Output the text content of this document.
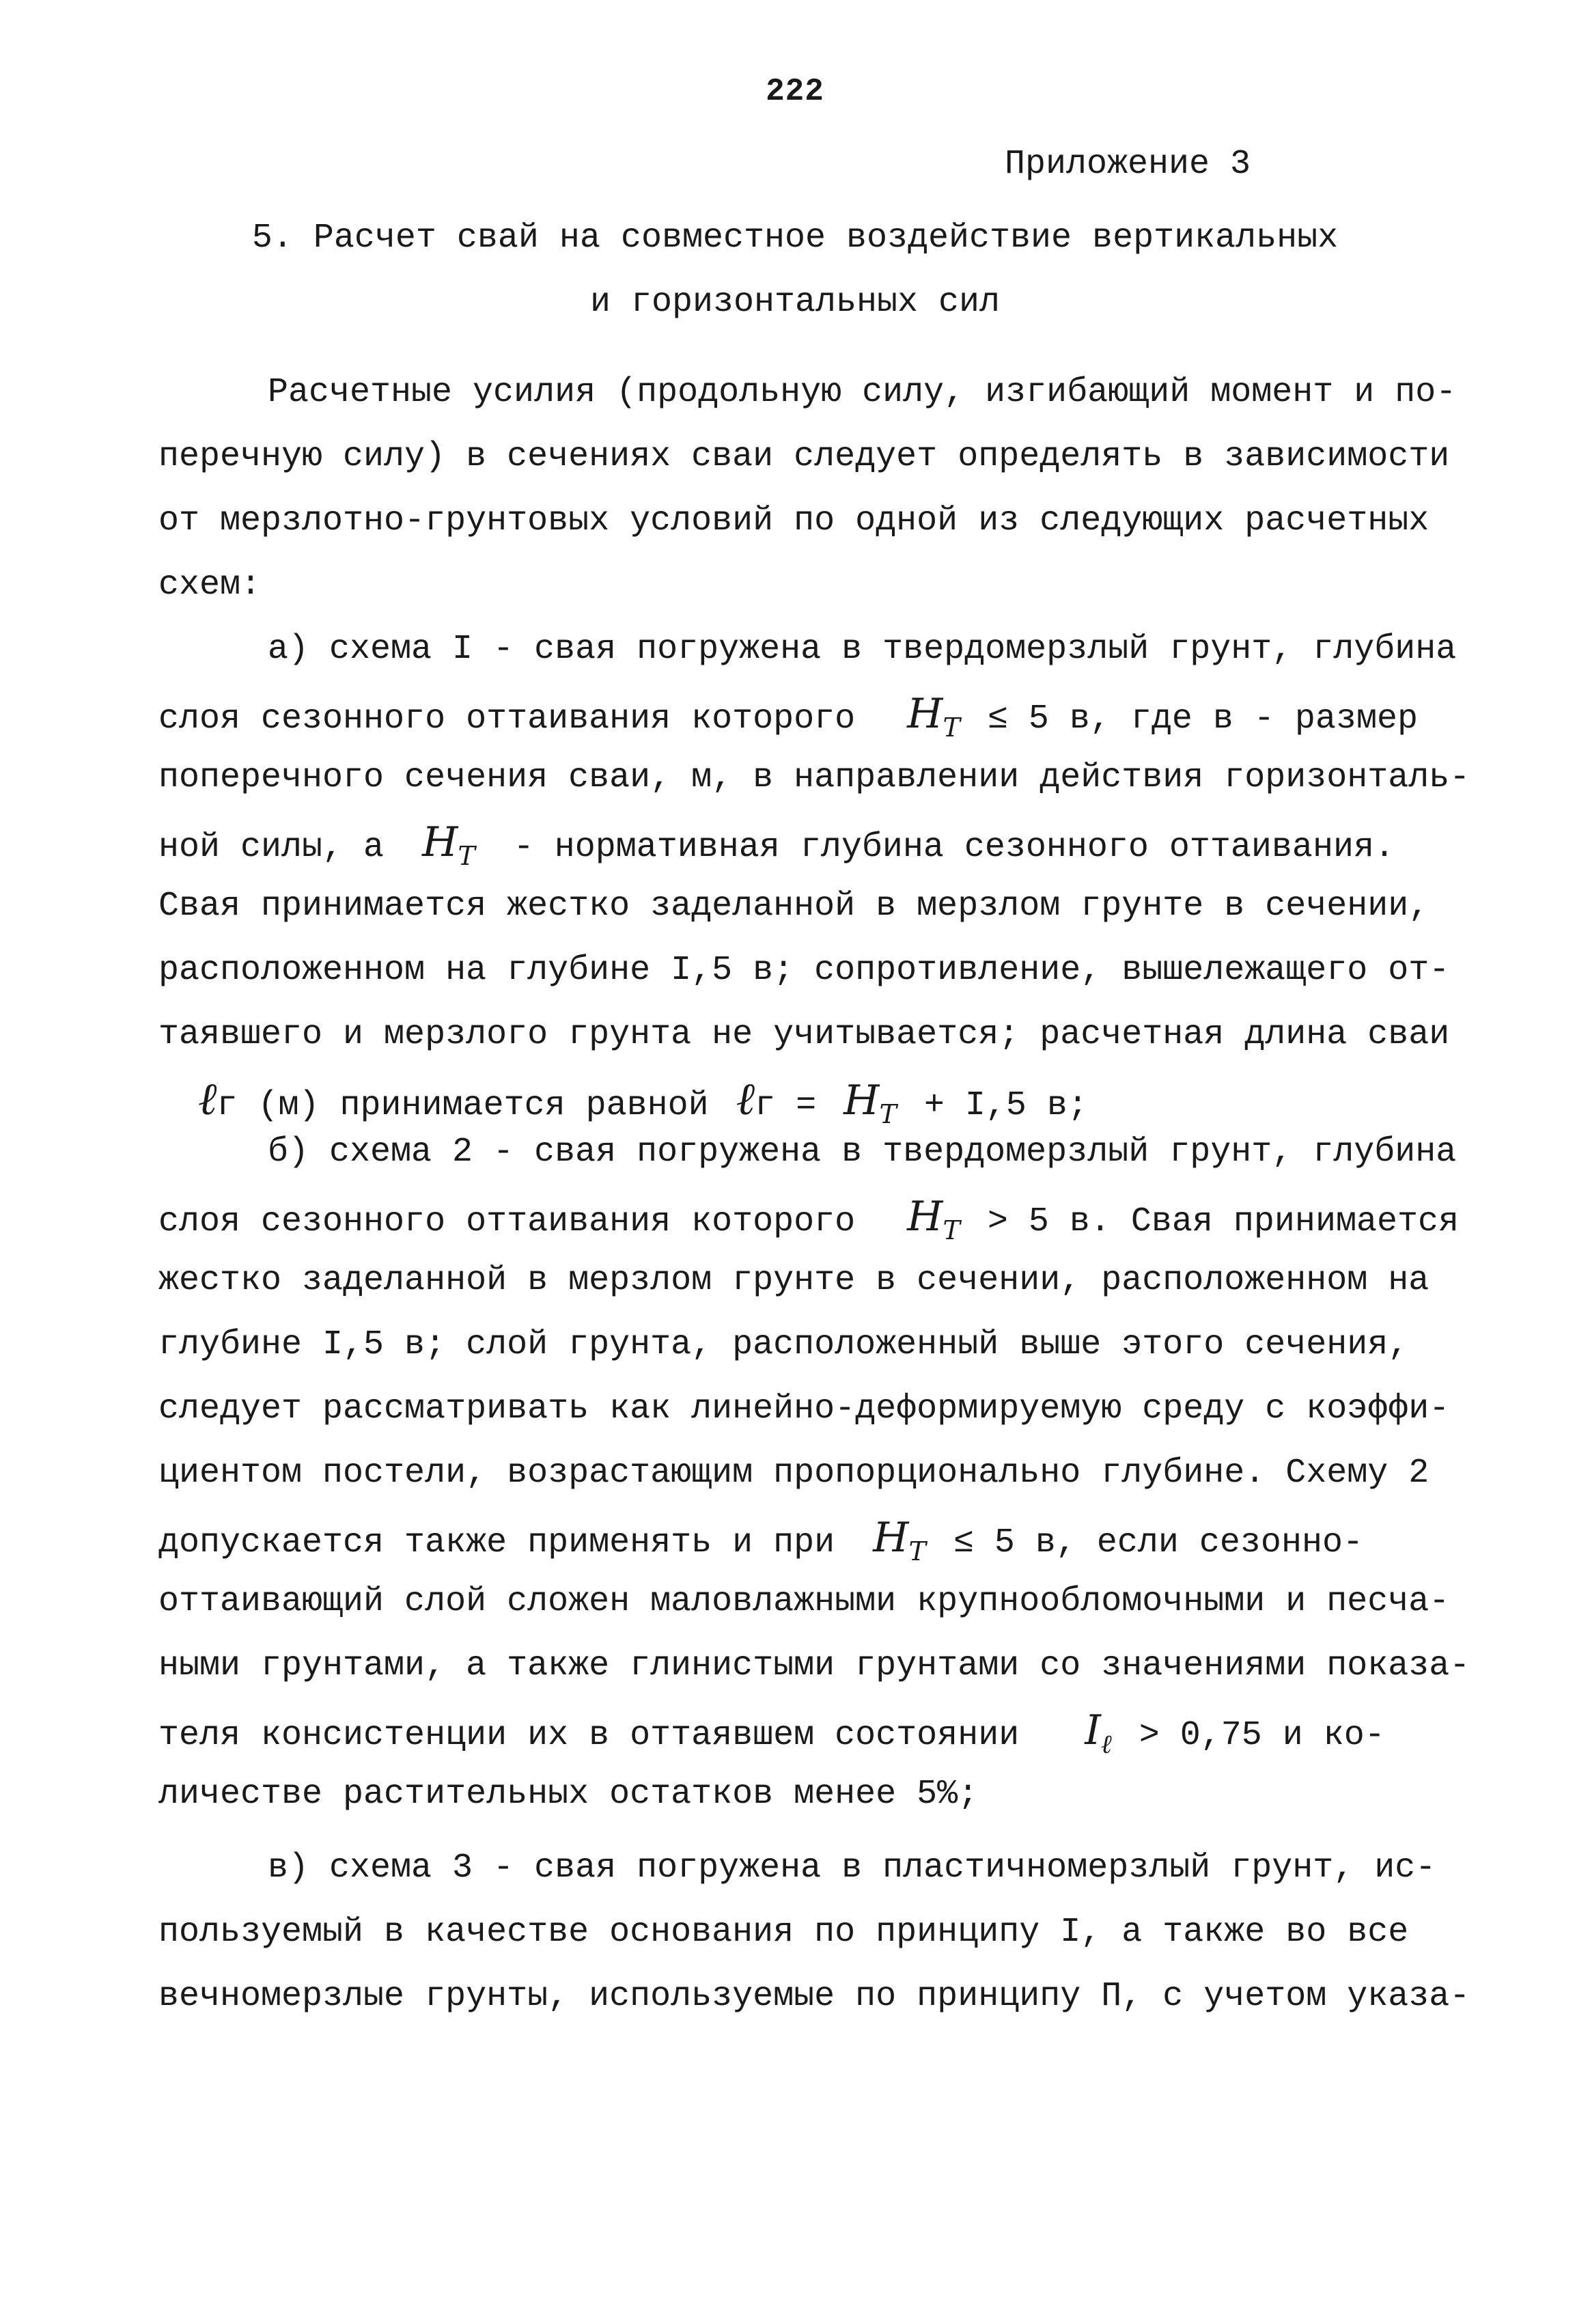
222
Приложение 3
5. Расчет свай на совместное воздействие вертикальных
и горизонтальных сил
Расчетные усилия (продольную силу, изгибающий момент и по-
перечную силу) в сечениях сваи следует определять в зависимости
от мерзлотно-грунтовых условий по одной из следующих расчетных
схем:
а) схема I - свая погружена в твердомерзлый грунт, глубина
слоя сезонного оттаивания которого $H_T \le 5$ в, где в - размер
поперечного сечения сваи, м, в направлении действия горизонталь-
ной силы, а $H_T$ - нормативная глубина сезонного оттаивания.
Свая принимается жестко заделанной в мерзлом грунте в сечении,
расположенном на глубине I,5 в; сопротивление, вышележащего от-
таявшего и мерзлого грунта не учитывается; расчетная длина сваи
ℓг (м) принимается равной ℓг = $H_T + I,5$ в;
б) схема 2 - свая погружена в твердомерзлый грунт, глубина
слоя сезонного оттаивания которого $H_T > 5$ в. Свая принимается
жестко заделанной в мерзлом грунте в сечении, расположенном на
глубине I,5 в; слой грунта, расположенный выше этого сечения,
следует рассматривать как линейно-деформируемую среду с коэффи-
циентом постели, возрастающим пропорционально глубине. Схему 2
допускается также применять и при $H_T \le 5$ в, если сезонно-
оттаивающий слой сложен маловлажными крупнообломочными и песча-
ными грунтами, а также глинистыми грунтами со значениями показа-
теля консистенции их в оттаявшем состоянии $I_\ell > 0,75$ и ко-
личестве растительных остатков менее 5%;
в) схема 3 - свая погружена в пластичномерзлый грунт, ис-
пользуемый в качестве основания по принципу I, а также во все
вечномерзлые грунты, используемые по принципу П, с учетом указа-
